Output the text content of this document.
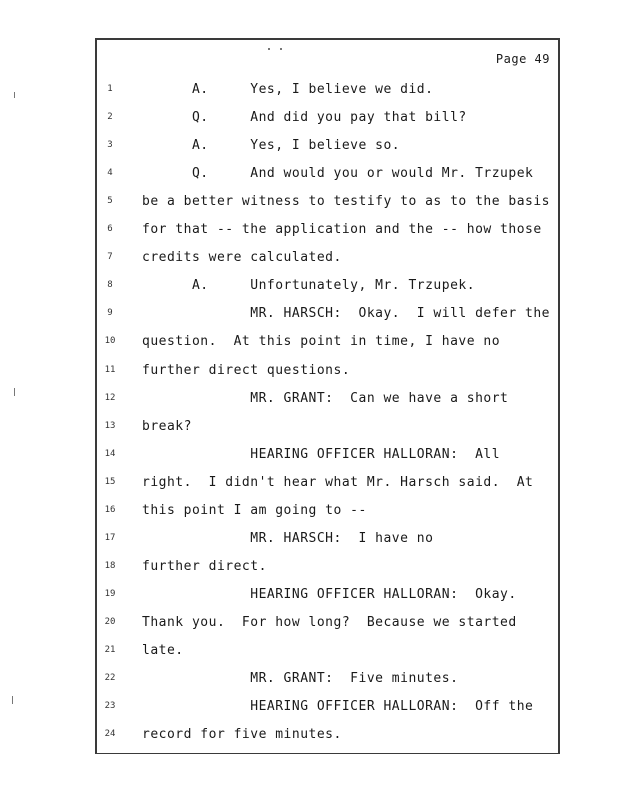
Page 49
1	A.     Yes, I believe we did.
2	Q.     And did you pay that bill?
3	A.     Yes, I believe so.
4	Q.     And would you or would Mr. Trzupek
5	be a better witness to testify to as to the basis
6	for that -- the application and the -- how those
7	credits were calculated.
8	A.     Unfortunately, Mr. Trzupek.
9	MR. HARSCH:  Okay.  I will defer the
10	question.  At this point in time, I have no
11	further direct questions.
12	MR. GRANT:  Can we have a short
13	break?
14	HEARING OFFICER HALLORAN:  All
15	right.  I didn't hear what Mr. Harsch said.  At
16	this point I am going to --
17	MR. HARSCH:  I have no
18	further direct.
19	HEARING OFFICER HALLORAN:  Okay.
20	Thank you.  For how long?  Because we started
21	late.
22	MR. GRANT:  Five minutes.
23	HEARING OFFICER HALLORAN:  Off the
24	record for five minutes.
